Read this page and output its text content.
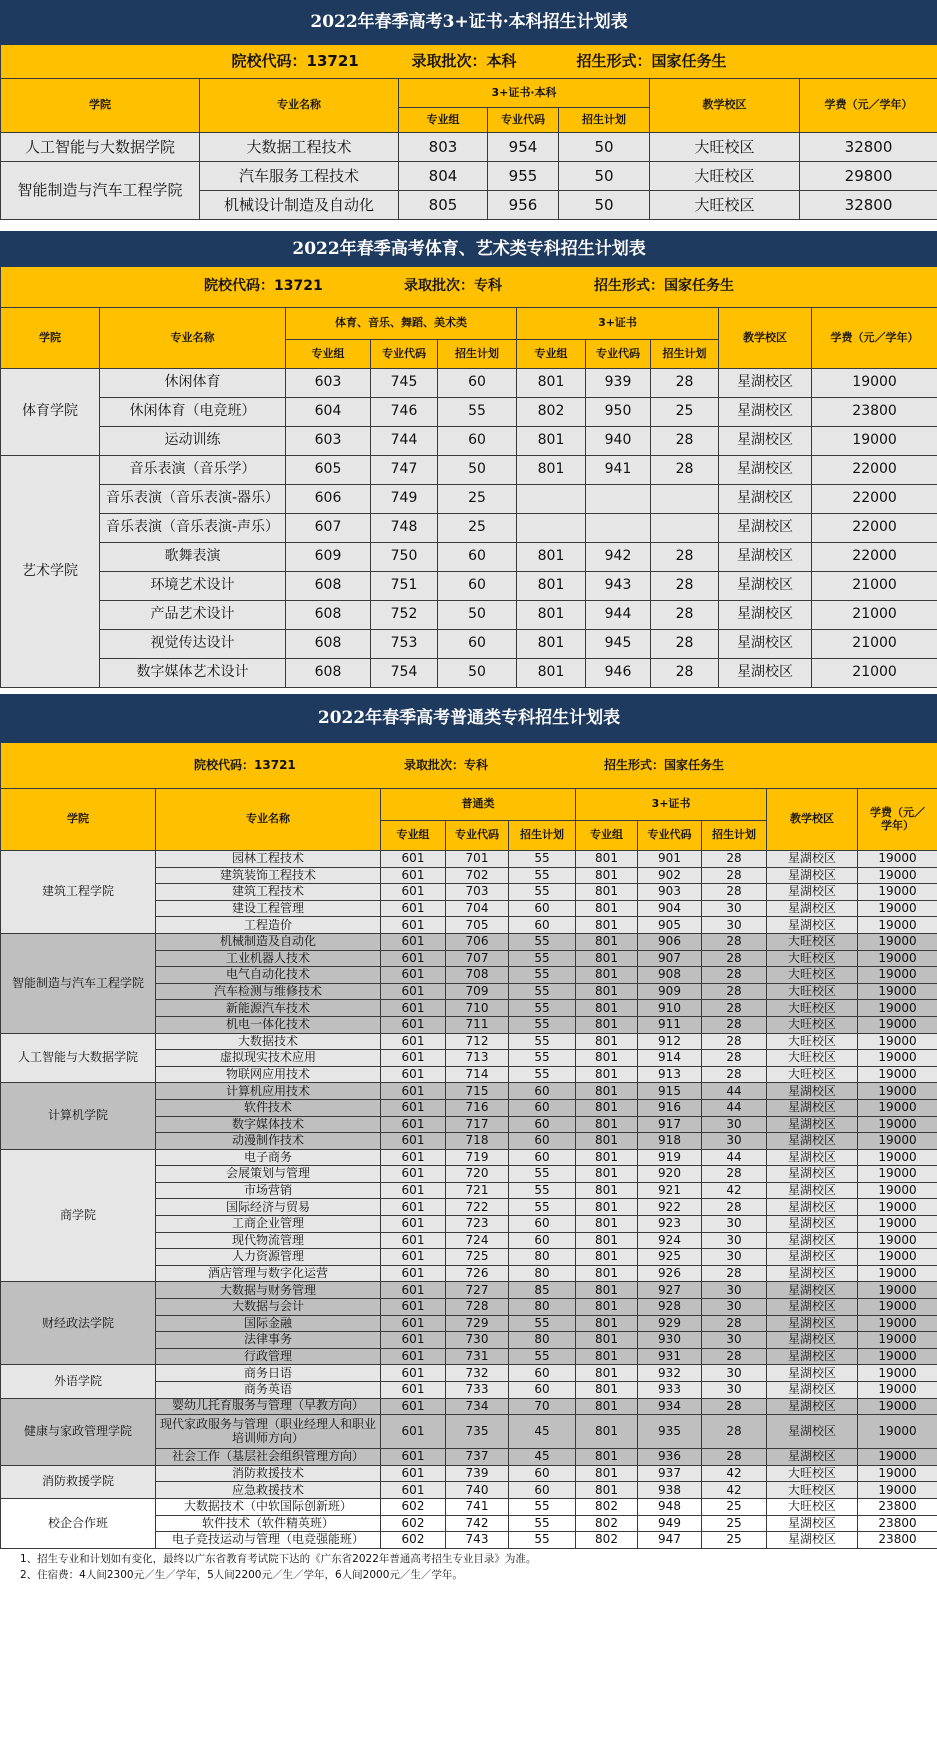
2022年春季高考3+证书·本科招生计划表						
院校代码：13721 录取批次：本科 招生形式：国家任务生						
学院	专业名称	3+证书·本科			教学校区	学费（元／学年）
		专业组	专业代码	招生计划		
人工智能与大数据学院	大数据工程技术	803	954	50	大旺校区	32800
智能制造与汽车工程学院	汽车服务工程技术	804	955	50	大旺校区	29800
	机械设计制造及自动化	805	956	50	大旺校区	32800
2022年春季高考体育、艺术类专科招生计划表									
院校代码：13721 录取批次：专科 招生形式：国家任务生									
学院	专业名称	体育、音乐、舞蹈、美术类			3+证书			教学校区	学费（元／学年）
		专业组	专业代码	招生计划	专业组	专业代码	招生计划		
体育学院	休闲体育	603	745	60	801	939	28	星湖校区	19000
	休闲体育（电竞班）	604	746	55	802	950	25	星湖校区	23800
	运动训练	603	744	60	801	940	28	星湖校区	19000
艺术学院	音乐表演（音乐学）	605	747	50	801	941	28	星湖校区	22000
	音乐表演（音乐表演-器乐）	606	749	25				星湖校区	22000
	音乐表演（音乐表演-声乐）	607	748	25				星湖校区	22000
	歌舞表演	609	750	60	801	942	28	星湖校区	22000
	环境艺术设计	608	751	60	801	943	28	星湖校区	21000
	产品艺术设计	608	752	50	801	944	28	星湖校区	21000
	视觉传达设计	608	753	60	801	945	28	星湖校区	21000
	数字媒体艺术设计	608	754	50	801	946	28	星湖校区	21000
2022年春季高考普通类专科招生计划表									
院校代码：13721 录取批次：专科 招生形式：国家任务生									
学院	专业名称	普通类			3+证书			教学校区	学费（元／
学年）
		专业组	专业代码	招生计划	专业组	专业代码	招生计划		
建筑工程学院	园林工程技术	601	701	55	801	901	28	星湖校区	19000
	建筑装饰工程技术	601	702	55	801	902	28	星湖校区	19000
	建筑工程技术	601	703	55	801	903	28	星湖校区	19000
	建设工程管理	601	704	60	801	904	30	星湖校区	19000
	工程造价	601	705	60	801	905	30	星湖校区	19000
智能制造与汽车工程学院	机械制造及自动化	601	706	55	801	906	28	大旺校区	19000
	工业机器人技术	601	707	55	801	907	28	大旺校区	19000
	电气自动化技术	601	708	55	801	908	28	大旺校区	19000
	汽车检测与维修技术	601	709	55	801	909	28	大旺校区	19000
	新能源汽车技术	601	710	55	801	910	28	大旺校区	19000
	机电一体化技术	601	711	55	801	911	28	大旺校区	19000
人工智能与大数据学院	大数据技术	601	712	55	801	912	28	大旺校区	19000
	虚拟现实技术应用	601	713	55	801	914	28	大旺校区	19000
	物联网应用技术	601	714	55	801	913	28	大旺校区	19000
计算机学院	计算机应用技术	601	715	60	801	915	44	星湖校区	19000
	软件技术	601	716	60	801	916	44	星湖校区	19000
	数字媒体技术	601	717	60	801	917	30	星湖校区	19000
	动漫制作技术	601	718	60	801	918	30	星湖校区	19000
商学院	电子商务	601	719	60	801	919	44	星湖校区	19000
	会展策划与管理	601	720	55	801	920	28	星湖校区	19000
	市场营销	601	721	55	801	921	42	星湖校区	19000
	国际经济与贸易	601	722	55	801	922	28	星湖校区	19000
	工商企业管理	601	723	60	801	923	30	星湖校区	19000
	现代物流管理	601	724	60	801	924	30	星湖校区	19000
	人力资源管理	601	725	80	801	925	30	星湖校区	19000
	酒店管理与数字化运营	601	726	80	801	926	28	星湖校区	19000
财经政法学院	大数据与财务管理	601	727	85	801	927	30	星湖校区	19000
	大数据与会计	601	728	80	801	928	30	星湖校区	19000
	国际金融	601	729	55	801	929	28	星湖校区	19000
	法律事务	601	730	80	801	930	30	星湖校区	19000
	行政管理	601	731	55	801	931	28	星湖校区	19000
外语学院	商务日语	601	732	60	801	932	30	星湖校区	19000
	商务英语	601	733	60	801	933	30	星湖校区	19000
健康与家政管理学院	婴幼儿托育服务与管理（早教方向）	601	734	70	801	934	28	星湖校区	19000
	现代家政服务与管理（职业经理人和职业培训师方向）	601	735	45	801	935	28	星湖校区	19000
	社会工作（基层社会组织管理方向）	601	737	45	801	936	28	星湖校区	19000
消防救援学院	消防救援技术	601	739	60	801	937	42	大旺校区	19000
	应急救援技术	601	740	60	801	938	42	大旺校区	19000
校企合作班	大数据技术（中软国际创新班）	602	741	55	802	948	25	大旺校区	23800
	软件技术（软件精英班）	602	742	55	802	949	25	星湖校区	23800
	电子竞技运动与管理（电竞强能班）	602	743	55	802	947	25	星湖校区	23800
1、招生专业和计划如有变化，最终以广东省教育考试院下达的《广东省2022年普通高考招生专业目录》为准。
2、住宿费：4人间2300元／生／学年，5人间2200元／生／学年，6人间2000元／生／学年。
